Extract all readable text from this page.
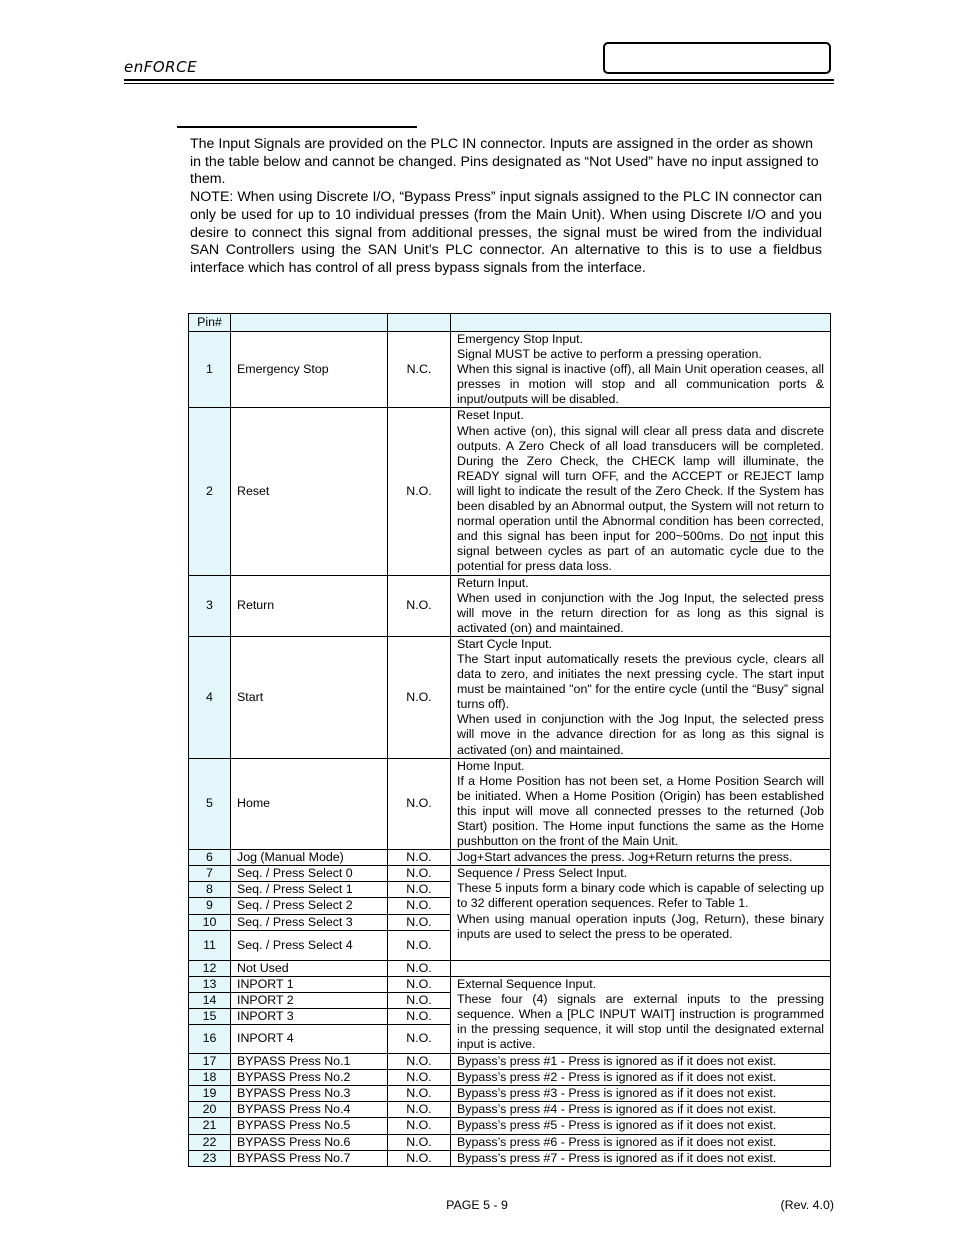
enFORCE

The Input Signals are provided on the PLC IN connector. Inputs are assigned in the order as shown in the table below and cannot be changed. Pins designated as “Not Used” have no input assigned to them.

NOTE: When using Discrete I/O, “Bypass Press” input signals assigned to the PLC IN connector can only be used for up to 10 individual presses (from the Main Unit). When using Discrete I/O and you desire to connect this signal from additional presses, the signal must be wired from the individual SAN Controllers using the SAN Unit’s PLC connector. An alternative to this is to use a fieldbus interface which has control of all press bypass signals from the interface.

Pin#			
1	Emergency Stop	N.C.	Emergency Stop Input.
Signal MUST be active to perform a pressing operation.
When this signal is inactive (off), all Main Unit operation ceases, all presses in motion will stop and all communication ports & input/outputs will be disabled.

2	Reset	N.O.	Reset Input.
When active (on), this signal will clear all press data and discrete outputs. A Zero Check of all load transducers will be completed. During the Zero Check, the CHECK lamp will illuminate, the READY signal will turn OFF, and the ACCEPT or REJECT lamp will light to indicate the result of the Zero Check. If the System has been disabled by an Abnormal output, the System will not return to normal operation until the Abnormal condition has been corrected, and this signal has been input for 200~500ms. Do not input this signal between cycles as part of an automatic cycle due to the potential for press data loss.

3	Return	N.O.	Return Input.
When used in conjunction with the Jog Input, the selected press will move in the return direction for as long as this signal is activated (on) and maintained.

4	Start	N.O.	Start Cycle Input.
The Start input automatically resets the previous cycle, clears all data to zero, and initiates the next pressing cycle. The start input must be maintained "on" for the entire cycle (until the “Busy” signal turns off).
When used in conjunction with the Jog Input, the selected press will move in the advance direction for as long as this signal is activated (on) and maintained.

5	Home	N.O.	Home Input.
If a Home Position has not been set, a Home Position Search will be initiated. When a Home Position (Origin) has been established this input will move all connected presses to the returned (Job Start) position. The Home input functions the same as the Home pushbutton on the front of the Main Unit.

6	Jog (Manual Mode)	N.O.	Jog+Start advances the press. Jog+Return returns the press.
7	Seq. / Press Select 0	N.O.	Sequence / Press Select Input.
These 5 inputs form a binary code which is capable of selecting up to 32 different operation sequences. Refer to Table 1.
When using manual operation inputs (Jog, Return), these binary inputs are used to select the press to be operated.

8	Seq. / Press Select 1	N.O.	
9	Seq. / Press Select 2	N.O.	
10	Seq. / Press Select 3	N.O.	
11	Seq. / Press Select 4	N.O.	
12	Not Used	N.O.	
13	INPORT 1	N.O.	External Sequence Input.
These four (4) signals are external inputs to the pressing sequence. When a [PLC INPUT WAIT] instruction is programmed in the pressing sequence, it will stop until the designated external input is active.

14	INPORT 2	N.O.	
15	INPORT 3	N.O.	
16	INPORT 4	N.O.	
17	BYPASS Press No.1	N.O.	Bypass’s press #1 - Press is ignored as if it does not exist.
18	BYPASS Press No.2	N.O.	Bypass’s press #2 - Press is ignored as if it does not exist.
19	BYPASS Press No.3	N.O.	Bypass’s press #3 - Press is ignored as if it does not exist.
20	BYPASS Press No.4	N.O.	Bypass’s press #4 - Press is ignored as if it does not exist.
21	BYPASS Press No.5	N.O.	Bypass’s press #5 - Press is ignored as if it does not exist.
22	BYPASS Press No.6	N.O.	Bypass’s press #6 - Press is ignored as if it does not exist.
23	BYPASS Press No.7	N.O.	Bypass’s press #7 - Press is ignored as if it does not exist.
PAGE 5 - 9	(Rev. 4.0)
